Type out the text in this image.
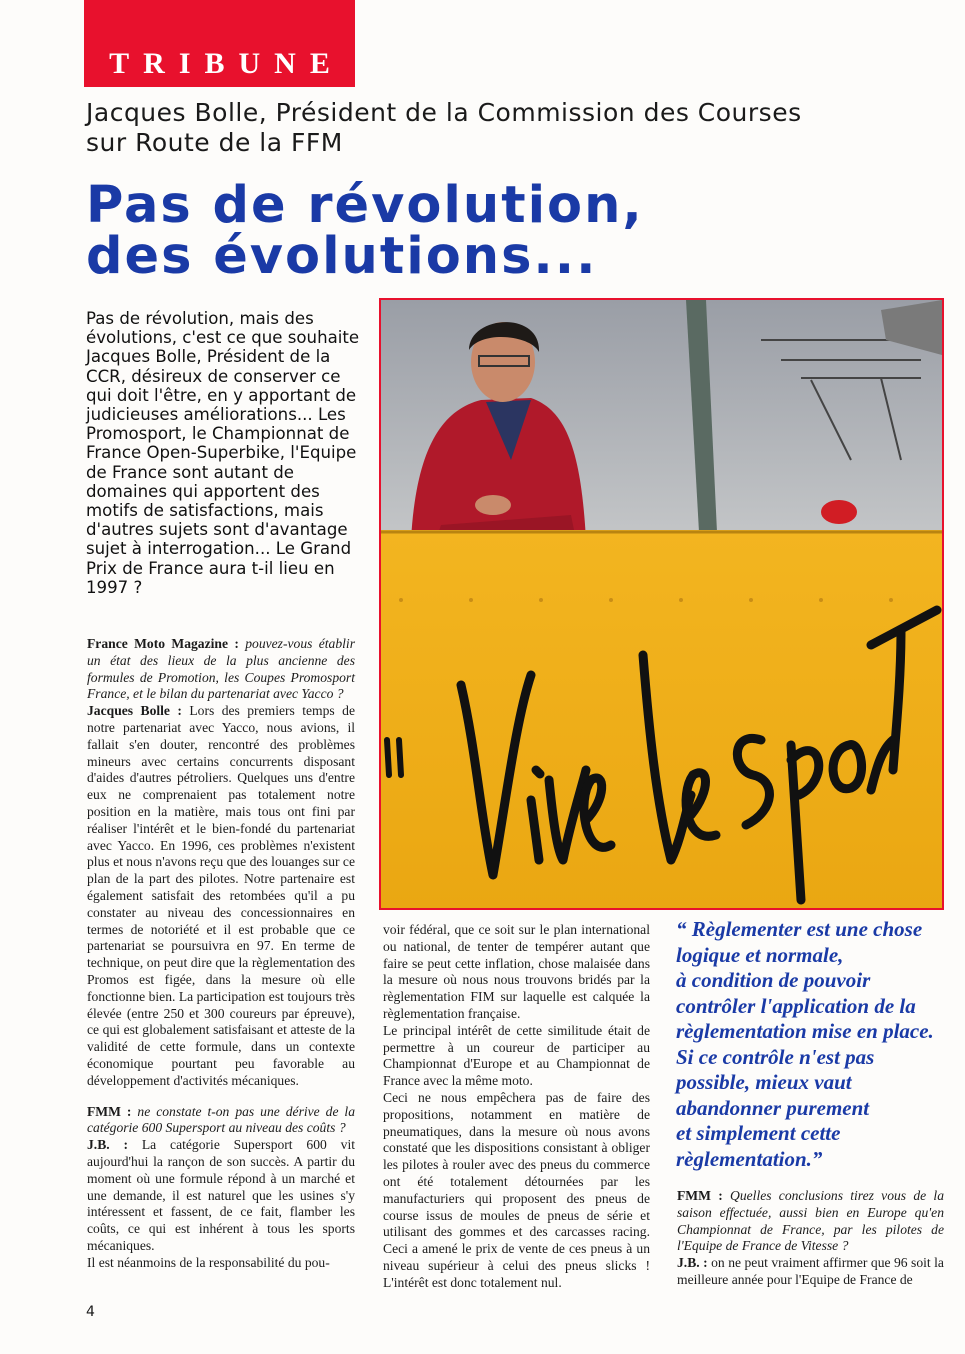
TRIBUNE
Jacques Bolle, Président de la Commission des Courses sur Route de la FFM
Pas de révolution,
des évolutions...
Pas de révolution, mais des évolutions, c'est ce que souhaite Jacques Bolle, Président de la CCR, désireux de conserver ce qui doit l'être, en y apportant de judicieuses améliorations... Les Promosport, le Championnat de France Open-Superbike, l'Equipe de France sont autant de domaines qui apportent des motifs de satisfactions, mais d'autres sujets sont d'avantage sujet à interrogation... Le Grand Prix de France aura t-il lieu en 1997 ?

France Moto Magazine : pouvez-vous établir un état des lieux de la plus ancienne des formules de Promotion, les Coupes Promosport France, et le bilan du partenariat avec Yacco ?

Jacques Bolle : Lors des premiers temps de notre partenariat avec Yacco, nous avions, il fallait s'en douter, rencontré des problèmes mineurs avec certains concurrents disposant d'aides d'autres pétroliers. Quelques uns d'entre eux ne comprenaient pas totalement notre position en la matière, mais tous ont fini par réaliser l'intérêt et le bien-fondé du partenariat avec Yacco. En 1996, ces problèmes n'existent plus et nous n'avons reçu que des louanges sur ce plan de la part des pilotes. Notre partenaire est également satisfait des retombées qu'il a pu constater au niveau des concessionnaires en termes de notoriété et il est probable que ce partenariat se poursuivra en 97. En terme de technique, on peut dire que la règlementation des Promos est figée, dans la mesure où elle fonctionne bien. La participation est toujours très élevée (entre 250 et 300 coureurs par épreuve), ce qui est globalement satisfaisant et atteste de la validité de cette formule, dans un contexte économique pourtant peu favorable au développement d'activités mécaniques.

FMM : ne constate t-on pas une dérive de la catégorie 600 Supersport au niveau des coûts ?

J.B. : La catégorie Supersport 600 vit aujourd'hui la rançon de son succès. A partir du moment où une formule répond à un marché et une demande, il est naturel que les usines s'y intéressent et fassent, de ce fait, flamber les coûts, ce qui est inhérent à tous les sports mécaniques.

Il est néanmoins de la responsabilité du pou-

voir fédéral, que ce soit sur le plan international ou national, de tenter de tempérer autant que faire se peut cette inflation, chose malaisée dans la mesure où nous nous trouvons bridés par la règlementation FIM sur laquelle est calquée la règlementation française.

Le principal intérêt de cette similitude était de permettre à un coureur de participer au Championnat d'Europe et au Championnat de France avec la même moto.

Ceci ne nous empêchera pas de faire des propositions, notamment en matière de pneumatiques, dans la mesure où nous avons constaté que les dispositions consistant à obliger les pilotes à rouler avec des pneus du commerce ont été totalement détournées par les manufacturiers qui proposent des pneus de course issus de moules de pneus de série et utilisant des gommes et des carcasses racing. Ceci a amené le prix de vente de ces pneus à un niveau supérieur à celui des pneus slicks ! L'intérêt est donc totalement nul.

“ Règlementer est une chose
logique et normale,
à condition de pouvoir
contrôler l'application de la
règlementation mise en place.
Si ce contrôle n'est pas
possible, mieux vaut
abandonner purement
et simplement cette
règlementation.”

FMM : Quelles conclusions tirez vous de la saison effectuée, aussi bien en Europe qu'en Championnat de France, par les pilotes de l'Equipe de France de Vitesse ?

J.B. : on ne peut vraiment affirmer que 96 soit la meilleure année pour l'Equipe de France de

4
